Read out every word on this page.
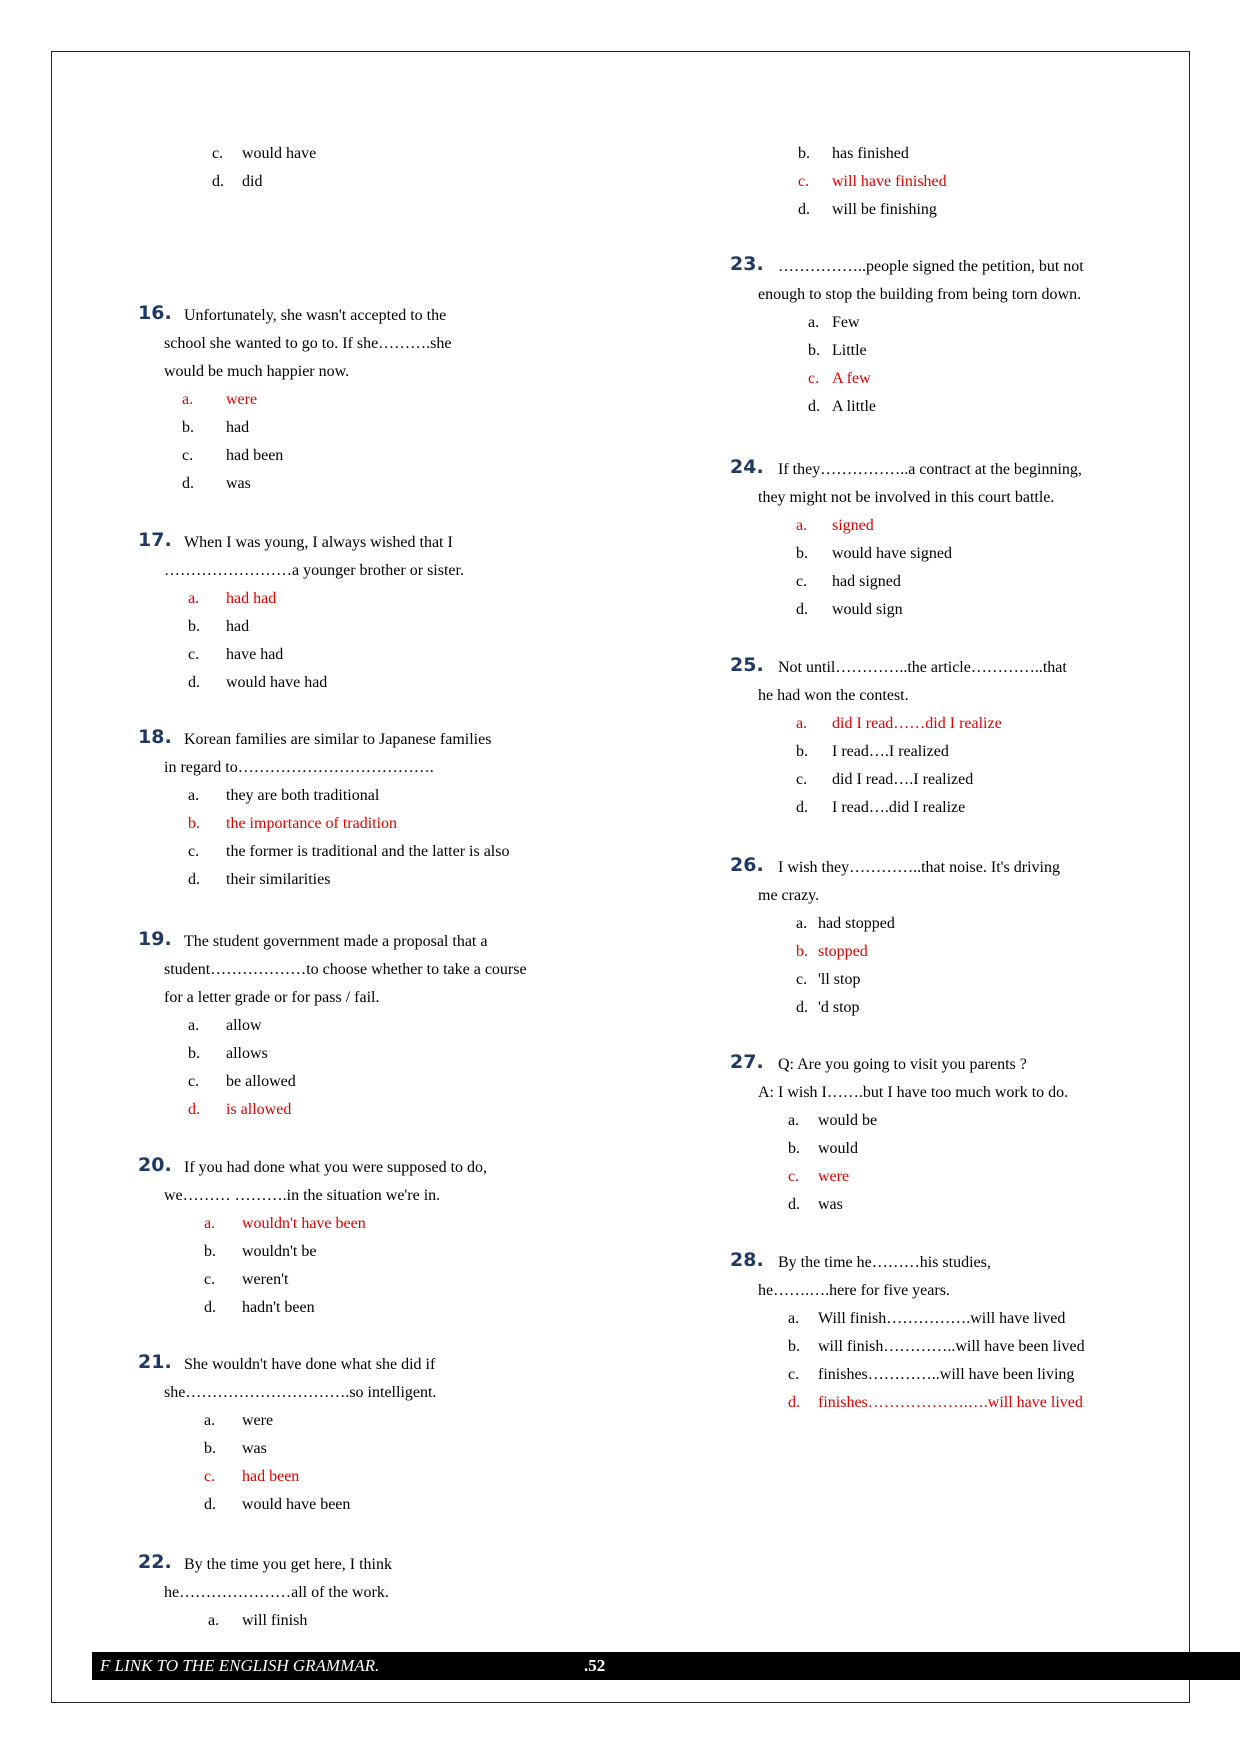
c. would have
d. did
16. Unfortunately, she wasn't accepted to the
school she wanted to go to. If she……….she
would be much happier now.
a. were
b. had
c. had been
d. was
17. When I was young, I always wished that I
……………………a younger brother or sister.
a. had had
b. had
c. have had
d. would have had
18. Korean families are similar to Japanese families
in regard to……………………………….
a. they are both traditional
b. the importance of tradition
c. the former is traditional and the latter is also
d. their similarities
19. The student government made a proposal that a
student………………to choose whether to take a course
for a letter grade or for pass / fail.
a. allow
b. allows
c. be allowed
d. is allowed
20. If you had done what you were supposed to do,
we……… ……….in the situation we're in.
a. wouldn't have been
b. wouldn't be
c. weren't
d. hadn't been
21. She wouldn't have done what she did if
she………………………….so intelligent.
a. were
b. was
c. had been
d. would have been
22. By the time you get here, I think
he…………………all of the work.
a. will finish
b. has finished
c. will have finished
d. will be finishing
23. ……………..people signed the petition, but not
enough to stop the building from being torn down.
a. Few
b. Little
c. A few
d. A little
24. If they……………..a contract at the beginning,
they might not be involved in this court battle.
a. signed
b. would have signed
c. had signed
d. would sign
25. Not until…………..the article…………..that
he had won the contest.
a. did I read……did I realize
b. I read….I realized
c. did I read….I realized
d. I read….did I realize
26. I wish they…………..that noise. It's driving
me crazy.
a. had stopped
b. stopped
c. 'll stop
d. 'd stop
27. Q: Are you going to visit you parents ?
A: I wish I…….but I have too much work to do.
a. would be
b. would
c. were
d. was
28. By the time he………his studies,
he…….….here for five years.
a. Will finish…………….will have lived
b. will finish…………..will have been lived
c. finishes…………..will have been living
d. finishes……………….….will have lived
F LINK TO THE ENGLISH GRAMMAR.	.52
